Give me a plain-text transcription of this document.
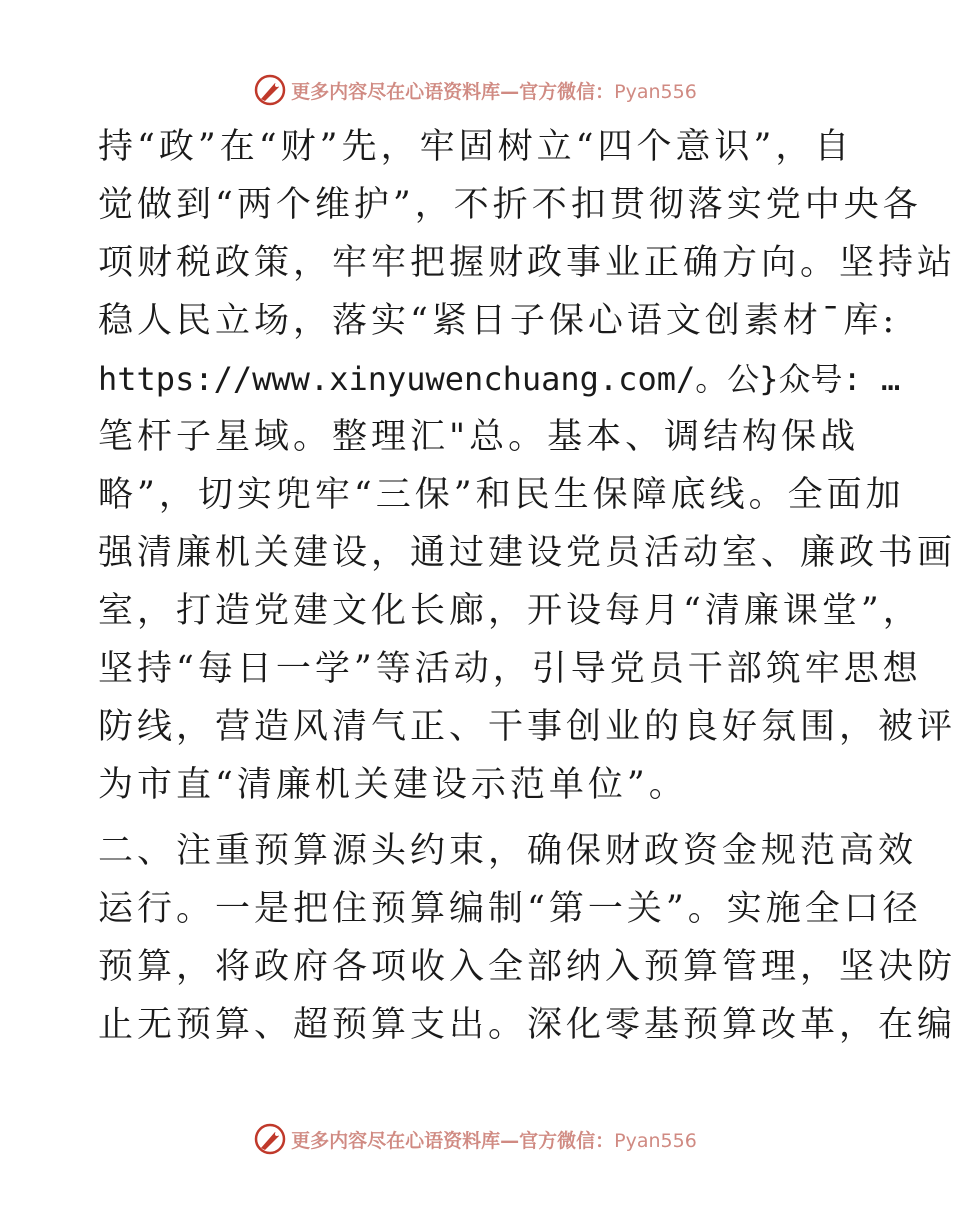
更多内容尽在心语资料库—官方微信：Pyan556
持“政”在“财”先，牢固树立“四个意识”，自
觉做到“两个维护”，不折不扣贯彻落实党中央各
项财税政策，牢牢把握财政事业正确方向。坚持站
稳人民立场，落实“紧日子保心语文创素材¯库:
https://www.xinyuwenchuang.com/。公}众号: …
笔杆子星域。整理汇"总。基本、调结构保战
略”，切实兜牢“三保”和民生保障底线。全面加
强清廉机关建设，通过建设党员活动室、廉政书画
室，打造党建文化长廊，开设每月“清廉课堂”，
坚持“每日一学”等活动，引导党员干部筑牢思想
防线，营造风清气正、干事创业的良好氛围，被评
为市直“清廉机关建设示范单位”。
二、注重预算源头约束，确保财政资金规范高效
运行。一是把住预算编制“第一关”。实施全口径
预算，将政府各项收入全部纳入预算管理，坚决防
止无预算、超预算支出。深化零基预算改革，在编
更多内容尽在心语资料库—官方微信：Pyan556
